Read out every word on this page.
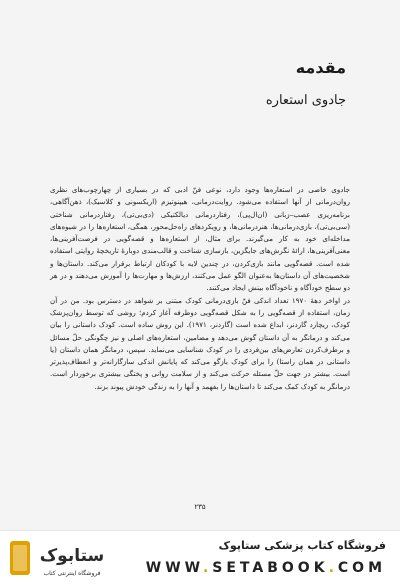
مقدمه
جادوی استعاره

جادوی خاصی در استعاره‌ها وجود دارد، نوعی فنّ ادبی که در بسیاری از چهارچوب‌های نظری روان‌درمانی از آنها استفاده می‌شود. روایت‌درمانی، هیپنوتیزم (اریکسونی و کلاسیک)، ذهن‌آگاهی، برنامه‌ریزی عصب–زبانی (ان‌ال‌پی)، رفتاردرمانی دیالکتیکی (دی‌بی‌تی)، رفتاردرمانی شناختی (سی‌بی‌تی)، بازی‌درمانی‌ها، هنردرمانی‌ها، و رویکردهای راه‌حل‌محور، همگی، استعاره‌ها را در شیوه‌های مداخله‌ای خود به کار می‌گیرند. برای مثال، از استعاره‌ها و قصه‌گویی در فرصت‌آفرینی‌ها، معنی‌آفرینی‌ها، ارائهٔ نگرش‌های جایگزین، بازسازی شناخت و قالب‌مندی دوبارهٔ تاریخچهٔ روایتی استفاده شده است. قصه‌گویی مانند بازی‌کردن، در چندین لایه با کودکان ارتباط برقرار می‌کند. داستان‌ها و شخصیت‌های آن داستان‌ها به‌عنوان الگو عمل می‌کنند، ارزش‌ها و مهارت‌ها را آموزش می‌دهند و در هر دو سطح خودآگاه و ناخودآگاه بینش ایجاد می‌کنند.

در اواخر دههٔ ۱۹۷۰ تعداد اندکی فنّ بازی‌درمانی کودک مبتنی بر شواهد در دسترس بود. من در آن زمان، استفاده از قصه‌گویی را به شکل قصه‌گویی دوطرفه آغاز کردم؛ روشی که توسط روان‌پزشک کودک، ریچارد گاردنر، ابداع شده است (گاردنر، ۱۹۷۱). این روش ساده است. کودک داستانی را بیان می‌کند و درمانگر به آن داستان گوش می‌دهد و مضامین، استعاره‌های اصلی و نیز چگونگی حلّ مسائل و برطرف‌کردن تعارض‌های بین‌فردی را در کودک شناسایی می‌نماید. سپس، درمانگر همان داستان (یا داستانی در همان راستا) را برای کودک بازگو می‌کند که پایانش اندکی سازگارانه‌تر و انعطاف‌پذیرتر است. بیشتر در جهت حلّ مسئله حرکت می‌کند و از سلامت روانی و پختگی بیشتری برخوردار است. درمانگر به کودک کمک می‌کند تا داستان‌ها را بفهمد و آنها را به زندگی خودش پیوند بزند.

۲۳۵
ستابوک
فروشگاه اینترنتی کتاب
فروشگاه کتاب پزشکی ستاپوک
WWW.SETABOOK.COM
